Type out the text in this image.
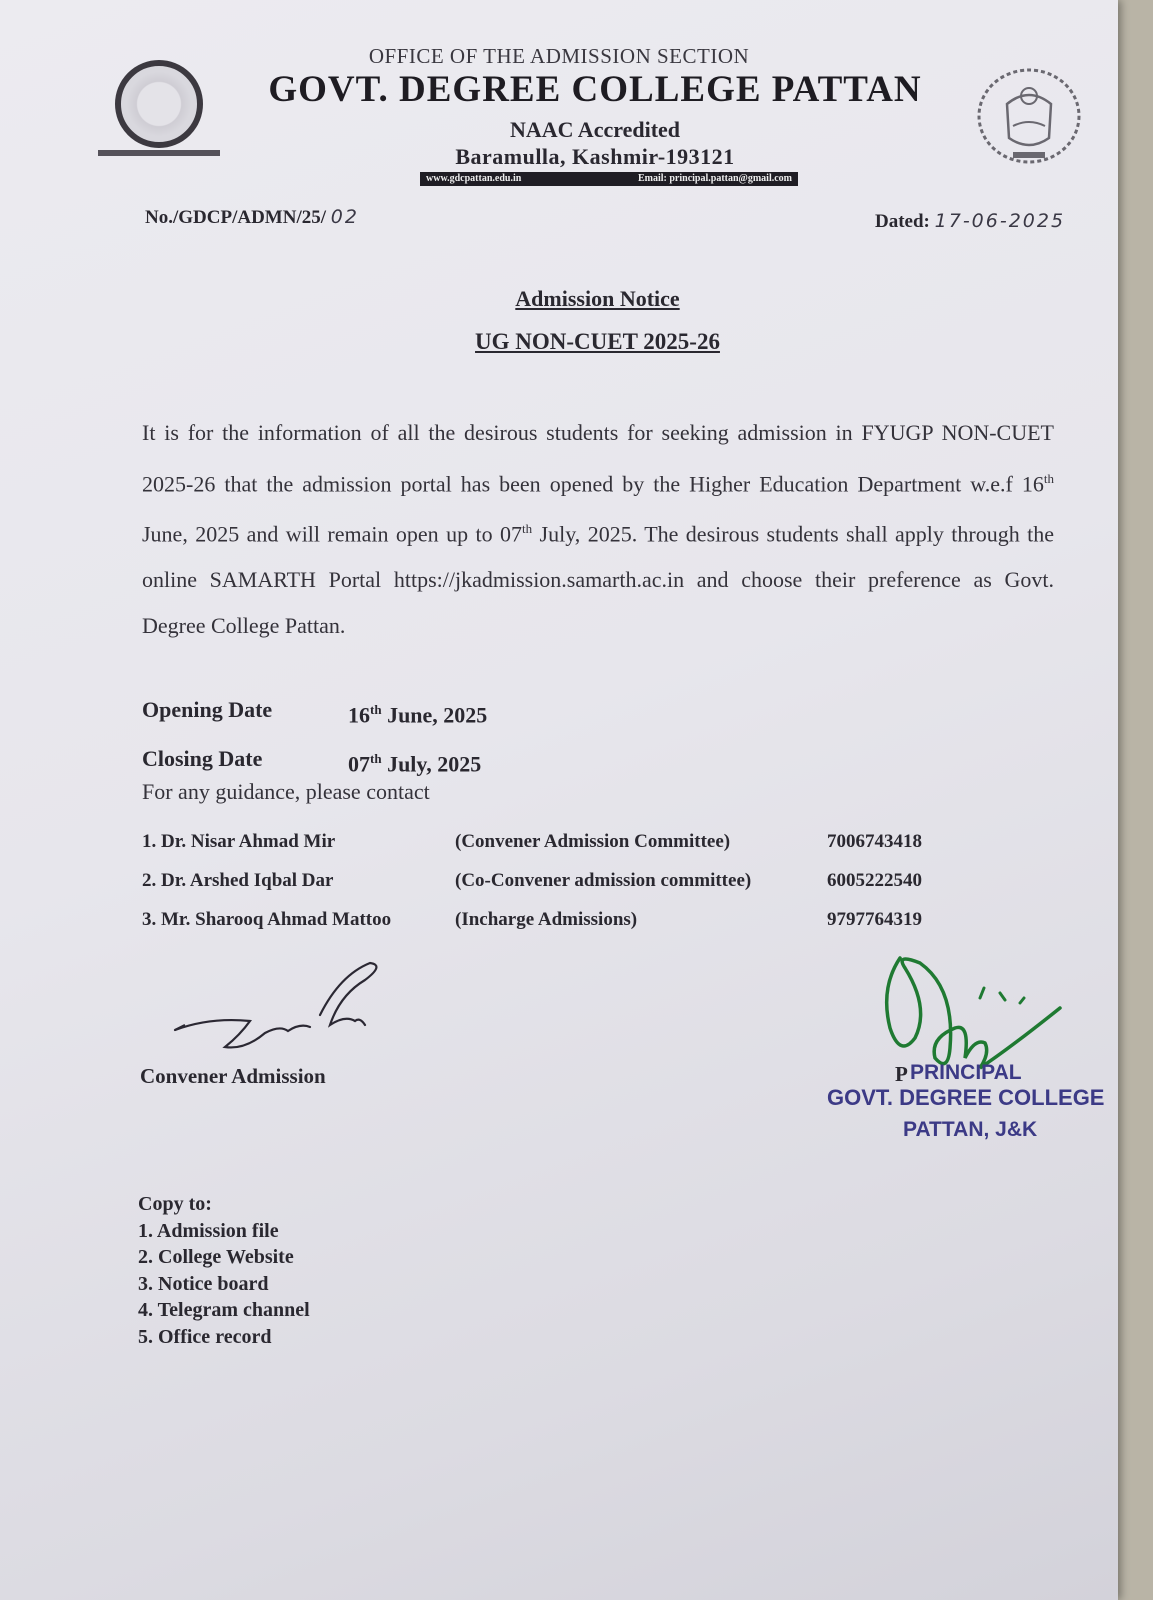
OFFICE OF THE ADMISSION SECTION
GOVT. DEGREE COLLEGE PATTAN
NAAC Accredited
Baramulla, Kashmir-193121
www.gdcpattan.edu.in	Email: principal.pattan@gmail.com
No./GDCP/ADMN/25/ 02	Dated: 17-06-2025
Admission Notice
UG NON-CUET 2025-26
It is for the information of all the desirous students for seeking admission in FYUGP NON-CUET 2025-26 that the admission portal has been opened by the Higher Education Department w.e.f 16th June, 2025 and will remain open up to 07th July, 2025. The desirous students shall apply through the online SAMARTH Portal https://jkadmission.samarth.ac.in and choose their preference as Govt. Degree College Pattan.
Opening Date	16th June, 2025
Closing Date	07th July, 2025
For any guidance, please contact
1. Dr. Nisar Ahmad Mir	(Convener Admission Committee)	7006743418
2. Dr. Arshed Iqbal Dar	(Co-Convener admission committee)	6005222540
3. Mr. Sharooq Ahmad Mattoo	(Incharge Admissions)	9797764319
Convener Admission	P PRINCIPAL
GOVT. DEGREE COLLEGE
PATTAN, J&K
Copy to:
1. Admission file
2. College Website
3. Notice board
4. Telegram channel
5. Office record
